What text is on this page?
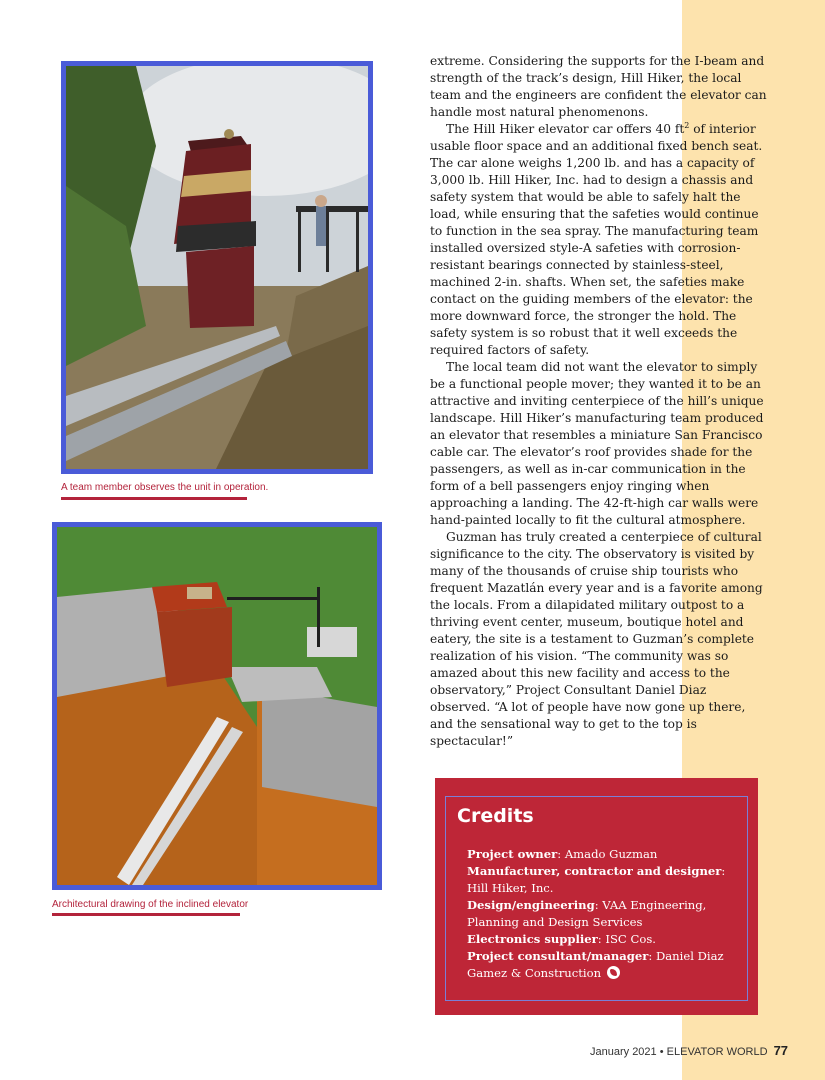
A team member observes the unit in operation.
Architectural drawing of the inclined elevator

extreme. Considering the supports for the I-beam and strength of the track’s design, Hill Hiker, the local team and the engineers are confident the elevator can handle most natural phenomenons.

The Hill Hiker elevator car offers 40 $ft^2$ of interior usable floor space and an additional fixed bench seat. The car alone weighs 1,200 lb. and has a capacity of 3,000 lb. Hill Hiker, Inc. had to design a chassis and safety system that would be able to safely halt the load, while ensuring that the safeties would continue to function in the sea spray. The manufacturing team installed oversized style-A safeties with corrosion-resistant bearings connected by stainless-steel, machined 2-in. shafts. When set, the safeties make contact on the guiding members of the elevator: the more downward force, the stronger the hold. The safety system is so robust that it well exceeds the required factors of safety.

The local team did not want the elevator to simply be a functional people mover; they wanted it to be an attractive and inviting centerpiece of the hill’s unique landscape. Hill Hiker’s manufacturing team produced an elevator that resembles a miniature San Francisco cable car. The elevator’s roof provides shade for the passengers, as well as in-car communication in the form of a bell passengers enjoy ringing when approaching a landing. The 42-ft-high car walls were hand-painted locally to fit the cultural atmosphere.

Guzman has truly created a centerpiece of cultural significance to the city. The observatory is visited by many of the thousands of cruise ship tourists who frequent Mazatlán every year and is a favorite among the locals. From a dilapidated military outpost to a thriving event center, museum, boutique hotel and eatery, the site is a testament to Guzman’s complete realization of his vision. “The community was so amazed about this new facility and access to the observatory,” Project Consultant Daniel Diaz observed. “A lot of people have now gone up there, and the sensational way to get to the top is spectacular!”

Credits
Project owner: Amado Guzman
Manufacturer, contractor and designer: Hill Hiker, Inc.
Design/engineering: VAA Engineering, Planning and Design Services
Electronics supplier: ISC Cos.
Project consultant/manager: Daniel Diaz Gamez & Construction
January 2021 • ELEVATOR WORLD 77
